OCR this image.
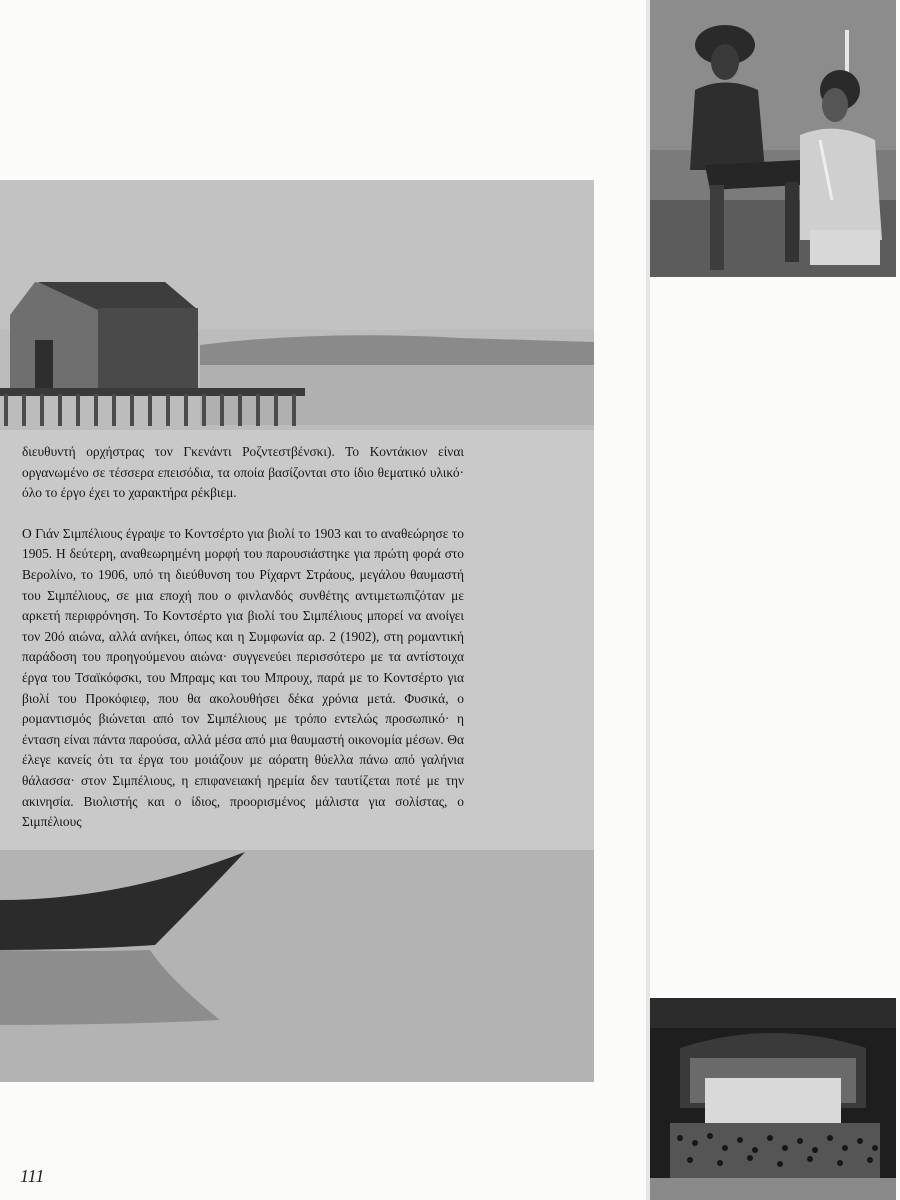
διευθυντή ορχήστρας τον Γκενάντι Ροζντεστβένσκι). Το Κοντάκιον είναι οργανωμένο σε τέσσερα επεισόδια, τα οποία βασίζονται στο ίδιο θεματικό υλικό· όλο το έργο έχει το χαρακτήρα ρέκβιεμ.

Ο Γιάν Σιμπέλιους έγραψε το Κοντσέρτο για βιολί το 1903 και το αναθεώρησε το 1905. Η δεύτερη, αναθεωρημένη μορφή του παρουσιάστηκε για πρώτη φορά στο Βερολίνο, το 1906, υπό τη διεύθυνση του Ρίχαρντ Στράους, μεγάλου θαυμαστή του Σιμπέλιους, σε μια εποχή που ο φινλανδός συνθέτης αντιμετωπιζόταν με αρκετή περιφρόνηση. Το Κοντσέρτο για βιολί του Σιμπέλιους μπορεί να ανοίγει τον 20ό αιώνα, αλλά ανήκει, όπως και η Συμφωνία αρ. 2 (1902), στη ρομαντική παράδοση του προηγούμενου αιώνα· συγγενεύει περισσότερο με τα αντίστοιχα έργα του Τσαϊκόφσκι, του Μπραμς και του Μπρουχ, παρά με το Κοντσέρτο για βιολί του Προκόφιεφ, που θα ακολουθήσει δέκα χρόνια μετά. Φυσικά, ο ρομαντισμός βιώνεται από τον Σιμπέλιους με τρόπο εντελώς προσωπικό· η ένταση είναι πάντα παρούσα, αλλά μέσα από μια θαυμαστή οικονομία μέσων. Θα έλεγε κανείς ότι τα έργα του μοιάζουν με αόρατη θύελλα πάνω από γαλήνια θάλασσα· στον Σιμπέλιους, η επιφανειακή ηρεμία δεν ταυτίζεται ποτέ με την ακινησία. Βιολιστής και ο ίδιος, προορισμένος μάλιστα για σολίστας, ο Σιμπέλιους

111
